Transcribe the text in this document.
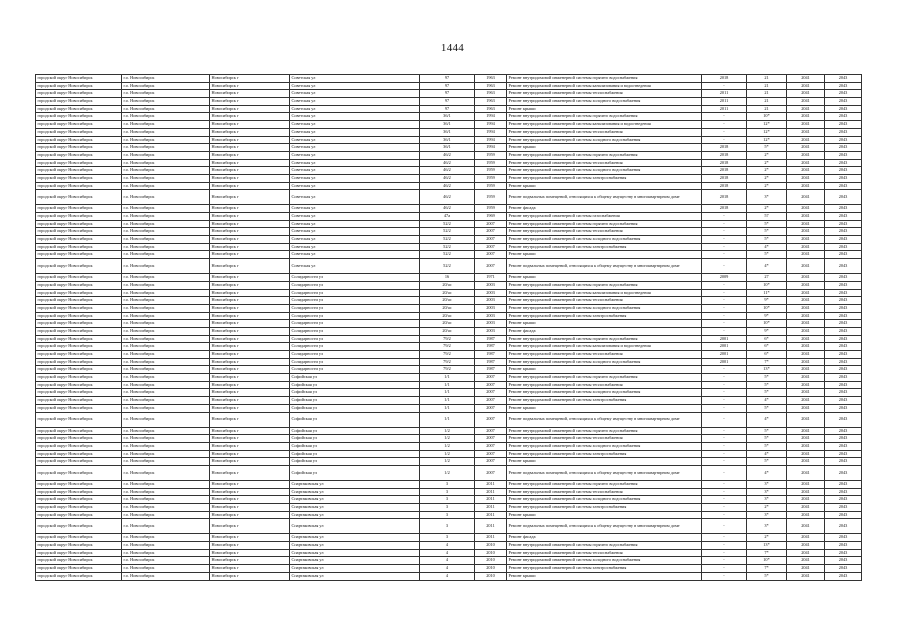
1444
городской округ Новосибирск	г.о. Новосибирск	Новосибирск г	Советская ул	97	1963	Ремонт внутридомовой инженерной системы горячего водоснабжения	2018	21	2041	2043
городской округ Новосибирск	г.о. Новосибирск	Новосибирск г	Советская ул	97	1963	Ремонт внутридомовой инженерной системы канализования и водоотведения	-	21	2041	2043
городской округ Новосибирск	г.о. Новосибирск	Новосибирск г	Советская ул	97	1963	Ремонт внутридомовой инженерной системы теплоснабжения	2011	21	2041	2043
городской округ Новосибирск	г.о. Новосибирск	Новосибирск г	Советская ул	97	1963	Ремонт внутридомовой инженерной системы холодного водоснабжения	2011	21	2041	2043
городской округ Новосибирск	г.о. Новосибирск	Новосибирск г	Советская ул	97	1963	Ремонт крыши	2011	21	2041	2043
городской округ Новосибирск	г.о. Новосибирск	Новосибирск г	Советская ул	36/1	1994	Ремонт внутридомовой инженерной системы горячего водоснабжения	-	10*	2041	2043
городской округ Новосибирск	г.о. Новосибирск	Новосибирск г	Советская ул	36/1	1994	Ремонт внутридомовой инженерной системы канализования и водоотведения	-	12*	2041	2043
городской округ Новосибирск	г.о. Новосибирск	Новосибирск г	Советская ул	36/1	1994	Ремонт внутридомовой инженерной системы теплоснабжения	-	12*	2041	2043
городской округ Новосибирск	г.о. Новосибирск	Новосибирск г	Советская ул	36/1	1994	Ремонт внутридомовой инженерной системы холодного водоснабжения	-	12*	2041	2043
городской округ Новосибирск	г.о. Новосибирск	Новосибирск г	Советская ул	36/1	1994	Ремонт крыши	2018	5*	2041	2043
городской округ Новосибирск	г.о. Новосибирск	Новосибирск г	Советская ул	46/2	1959	Ремонт внутридомовой инженерной системы горячего водоснабжения	2018	2*	2041	2043
городской округ Новосибирск	г.о. Новосибирск	Новосибирск г	Советская ул	46/2	1959	Ремонт внутридомовой инженерной системы теплоснабжения	2018	2*	2041	2043
городской округ Новосибирск	г.о. Новосибирск	Новосибирск г	Советская ул	46/2	1959	Ремонт внутридомовой инженерной системы холодного водоснабжения	2018	2*	2041	2043
городской округ Новосибирск	г.о. Новосибирск	Новосибирск г	Советская ул	46/2	1959	Ремонт внутридомовой инженерной системы электроснабжения	2018	2*	2041	2043
городской округ Новосибирск	г.о. Новосибирск	Новосибирск г	Советская ул	46/2	1959	Ремонт крыши	2018	2*	2041	2043
городской округ Новосибирск	г.о. Новосибирск	Новосибирск г	Советская ул	46/2	1959	Ремонт подвальных помещений, относящихся к общему имуществу в многоквартирном доме	2018	3*	2041	2043
городской округ Новосибирск	г.о. Новосибирск	Новосибирск г	Советская ул	46/2	1959	Ремонт фасада	2018	2*	2041	2043
городской округ Новосибирск	г.о. Новосибирск	Новосибирск г	Советская ул	47а	1969	Ремонт внутридомовой инженерной системы газоснабжения	-	57	2041	2043
городской округ Новосибирск	г.о. Новосибирск	Новосибирск г	Советская ул	52/2	2007	Ремонт внутридомовой инженерной системы горячего водоснабжения	-	5*	2041	2043
городской округ Новосибирск	г.о. Новосибирск	Новосибирск г	Советская ул	52/2	2007	Ремонт внутридомовой инженерной системы теплоснабжения	-	5*	2041	2043
городской округ Новосибирск	г.о. Новосибирск	Новосибирск г	Советская ул	52/2	2007	Ремонт внутридомовой инженерной системы холодного водоснабжения	-	5*	2041	2043
городской округ Новосибирск	г.о. Новосибирск	Новосибирск г	Советская ул	52/2	2007	Ремонт внутридомовой инженерной системы электроснабжения	-	4*	2041	2043
городской округ Новосибирск	г.о. Новосибирск	Новосибирск г	Советская ул	52/2	2007	Ремонт крыши	-	5*	2041	2043
городской округ Новосибирск	г.о. Новосибирск	Новосибирск г	Советская ул	52/2	2007	Ремонт подвальных помещений, относящихся к общему имуществу в многоквартирном доме	-	4*	2041	2043
городской округ Новосибирск	г.о. Новосибирск	Новосибирск г	Солидарности ул	16	1971	Ремонт крыши	2009	27	2041	2043
городской округ Новосибирск	г.о. Новосибирск	Новосибирск г	Солидарности ул	20/ас	2003	Ремонт внутридомовой инженерной системы горячего водоснабжения	-	10*	2041	2043
городской округ Новосибирск	г.о. Новосибирск	Новосибирск г	Солидарности ул	20/ас	2003	Ремонт внутридомовой инженерной системы канализования и водоотведения	-	11*	2041	2043
городской округ Новосибирск	г.о. Новосибирск	Новосибирск г	Солидарности ул	20/ас	2003	Ремонт внутридомовой инженерной системы теплоснабжения	-	9*	2041	2043
городской округ Новосибирск	г.о. Новосибирск	Новосибирск г	Солидарности ул	20/ас	2003	Ремонт внутридомовой инженерной системы холодного водоснабжения	-	10*	2041	2043
городской округ Новосибирск	г.о. Новосибирск	Новосибирск г	Солидарности ул	20/ас	2003	Ремонт внутридомовой инженерной системы электроснабжения	-	9*	2041	2043
городской округ Новосибирск	г.о. Новосибирск	Новосибирск г	Солидарности ул	20/ас	2003	Ремонт крыши	-	10*	2041	2043
городской округ Новосибирск	г.о. Новосибирск	Новосибирск г	Солидарности ул	20/ас	2003	Ремонт фасада	-	9*	2041	2043
городской округ Новосибирск	г.о. Новосибирск	Новосибирск г	Солидарности ул	79/2	1987	Ремонт внутридомовой инженерной системы горячего водоснабжения	2001	6*	2041	2043
городской округ Новосибирск	г.о. Новосибирск	Новосибирск г	Солидарности ул	79/2	1987	Ремонт внутридомовой инженерной системы канализования и водоотведения	2001	6*	2041	2043
городской округ Новосибирск	г.о. Новосибирск	Новосибирск г	Солидарности ул	79/2	1987	Ремонт внутридомовой инженерной системы теплоснабжения	2001	6*	2041	2043
городской округ Новосибирск	г.о. Новосибирск	Новосибирск г	Солидарности ул	79/2	1987	Ремонт внутридомовой инженерной системы холодного водоснабжения	2001	7*	2041	2043
городской округ Новосибирск	г.о. Новосибирск	Новосибирск г	Солидарности ул	79/2	1987	Ремонт крыши	-	13*	2041	2043
городской округ Новосибирск	г.о. Новосибирск	Новосибирск г	Софийская ул	1/1	2007	Ремонт внутридомовой инженерной системы горячего водоснабжения	-	5*	2041	2043
городской округ Новосибирск	г.о. Новосибирск	Новосибирск г	Софийская ул	1/1	2007	Ремонт внутридомовой инженерной системы теплоснабжения	-	5*	2041	2043
городской округ Новосибирск	г.о. Новосибирск	Новосибирск г	Софийская ул	1/1	2007	Ремонт внутридомовой инженерной системы холодного водоснабжения	-	5*	2041	2043
городской округ Новосибирск	г.о. Новосибирск	Новосибирск г	Софийская ул	1/1	2007	Ремонт внутридомовой инженерной системы электроснабжения	-	4*	2041	2043
городской округ Новосибирск	г.о. Новосибирск	Новосибирск г	Софийская ул	1/1	2007	Ремонт крыши	-	5*	2041	2043
городской округ Новосибирск	г.о. Новосибирск	Новосибирск г	Софийская ул	1/1	2007	Ремонт подвальных помещений, относящихся к общему имуществу в многоквартирном доме	-	4*	2041	2043
городской округ Новосибирск	г.о. Новосибирск	Новосибирск г	Софийская ул	1/2	2007	Ремонт внутридомовой инженерной системы горячего водоснабжения	-	5*	2041	2043
городской округ Новосибирск	г.о. Новосибирск	Новосибирск г	Софийская ул	1/2	2007	Ремонт внутридомовой инженерной системы теплоснабжения	-	5*	2041	2043
городской округ Новосибирск	г.о. Новосибирск	Новосибирск г	Софийская ул	1/2	2007	Ремонт внутридомовой инженерной системы холодного водоснабжения	-	5*	2041	2043
городской округ Новосибирск	г.о. Новосибирск	Новосибирск г	Софийская ул	1/2	2007	Ремонт внутридомовой инженерной системы электроснабжения	-	4*	2041	2043
городской округ Новосибирск	г.о. Новосибирск	Новосибирск г	Софийская ул	1/2	2007	Ремонт крыши	-	5*	2041	2043
городской округ Новосибирск	г.о. Новосибирск	Новосибирск г	Софийская ул	1/2	2007	Ремонт подвальных помещений, относящихся к общему имуществу в многоквартирном доме	-	4*	2041	2043
городской округ Новосибирск	г.о. Новосибирск	Новосибирск г	Спартаковская ул	3	2011	Ремонт внутридомовой инженерной системы горячего водоснабжения	-	3*	2041	2043
городской округ Новосибирск	г.о. Новосибирск	Новосибирск г	Спартаковская ул	3	2011	Ремонт внутридомовой инженерной системы теплоснабжения	-	3*	2041	2043
городской округ Новосибирск	г.о. Новосибирск	Новосибирск г	Спартаковская ул	3	2011	Ремонт внутридомовой инженерной системы холодного водоснабжения	-	3*	2041	2043
городской округ Новосибирск	г.о. Новосибирск	Новосибирск г	Спартаковская ул	3	2011	Ремонт внутридомовой инженерной системы электроснабжения	-	2*	2041	2043
городской округ Новосибирск	г.о. Новосибирск	Новосибирск г	Спартаковская ул	3	2011	Ремонт крыши	-	3*	2041	2043
городской округ Новосибирск	г.о. Новосибирск	Новосибирск г	Спартаковская ул	3	2011	Ремонт подвальных помещений, относящихся к общему имуществу в многоквартирном доме	-	3*	2041	2043
городской округ Новосибирск	г.о. Новосибирск	Новосибирск г	Спартаковская ул	3	2011	Ремонт фасада	-	2*	2041	2043
городской округ Новосибирск	г.о. Новосибирск	Новосибирск г	Спартаковская ул	4	2010	Ремонт внутридомовой инженерной системы горячего водоснабжения	-	13*	2041	2043
городской округ Новосибирск	г.о. Новосибирск	Новосибирск г	Спартаковская ул	4	2010	Ремонт внутридомовой инженерной системы теплоснабжения	-	7*	2041	2043
городской округ Новосибирск	г.о. Новосибирск	Новосибирск г	Спартаковская ул	4	2010	Ремонт внутридомовой инженерной системы холодного водоснабжения	-	10*	2041	2043
городской округ Новосибирск	г.о. Новосибирск	Новосибирск г	Спартаковская ул	4	2010	Ремонт внутридомовой инженерной системы электроснабжения	-	7*	2041	2043
городской округ Новосибирск	г.о. Новосибирск	Новосибирск г	Спартаковская ул	4	2010	Ремонт крыши	-	5*	2041	2043
